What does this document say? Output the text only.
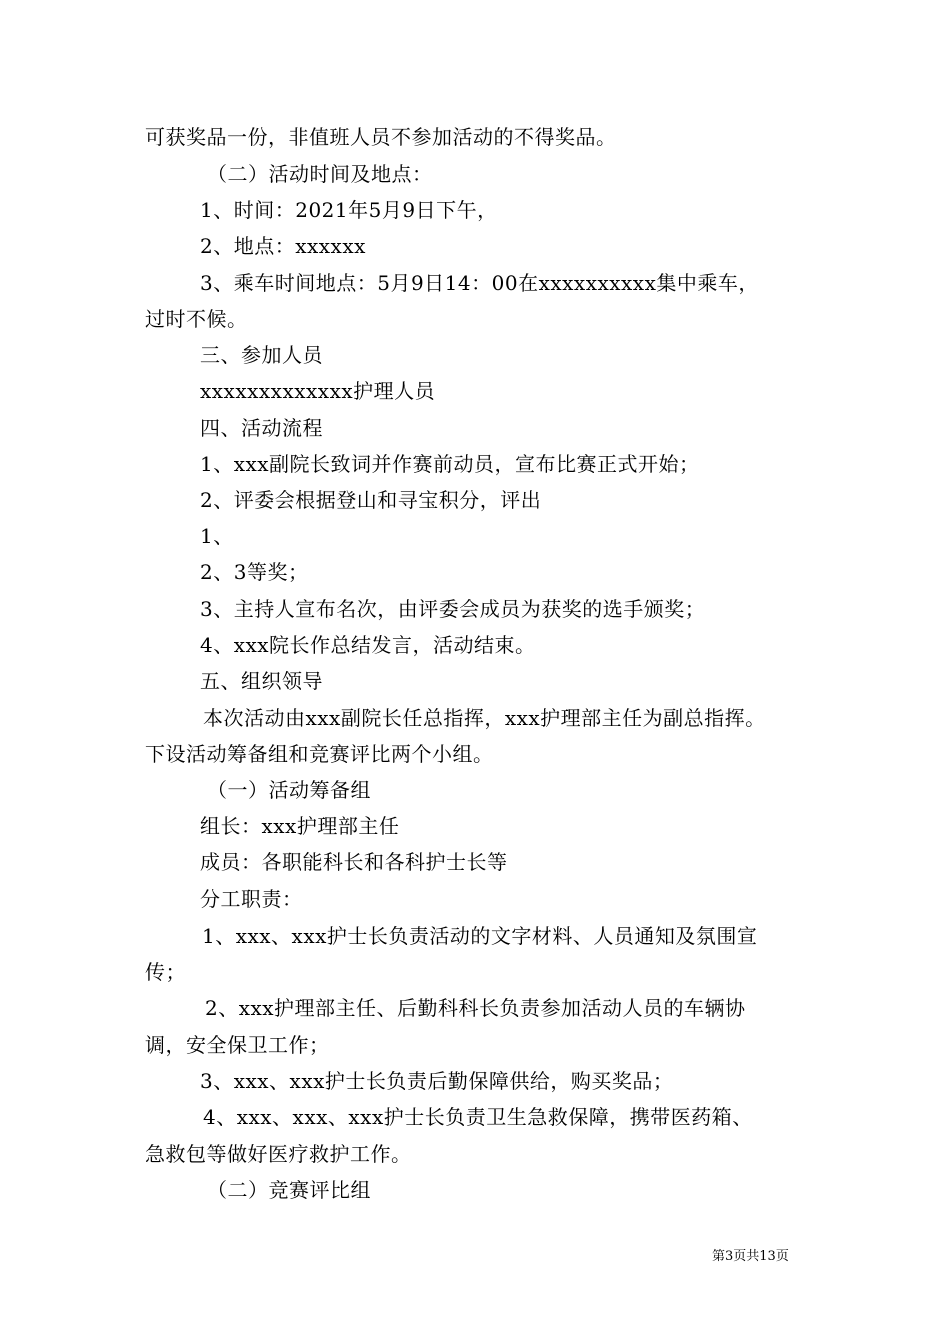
可获奖品一份，非值班人员不参加活动的不得奖品。
（二）活动时间及地点：
1、时间：2021年5月9日下午，
2、地点：xxxxxx
3、乘车时间地点：5月9日14：00在xxxxxxxxxx集中乘车，
过时不候。
三、参加人员
xxxxxxxxxxxxx护理人员
四、活动流程
1、xxx副院长致词并作赛前动员，宣布比赛正式开始；
2、评委会根据登山和寻宝积分，评出
1、
2、3等奖；
3、主持人宣布名次，由评委会成员为获奖的选手颁奖；
4、xxx院长作总结发言，活动结束。
五、组织领导
本次活动由xxx副院长任总指挥，xxx护理部主任为副总指挥。
下设活动筹备组和竞赛评比两个小组。
（一）活动筹备组
组长：xxx护理部主任
成员：各职能科长和各科护士长等
分工职责：
1、xxx、xxx护士长负责活动的文字材料、人员通知及氛围宣
传；
2、xxx护理部主任、后勤科科长负责参加活动人员的车辆协
调，安全保卫工作；
3、xxx、xxx护士长负责后勤保障供给，购买奖品；
4、xxx、xxx、xxx护士长负责卫生急救保障，携带医药箱、
急救包等做好医疗救护工作。
（二）竞赛评比组
第3页共13页
